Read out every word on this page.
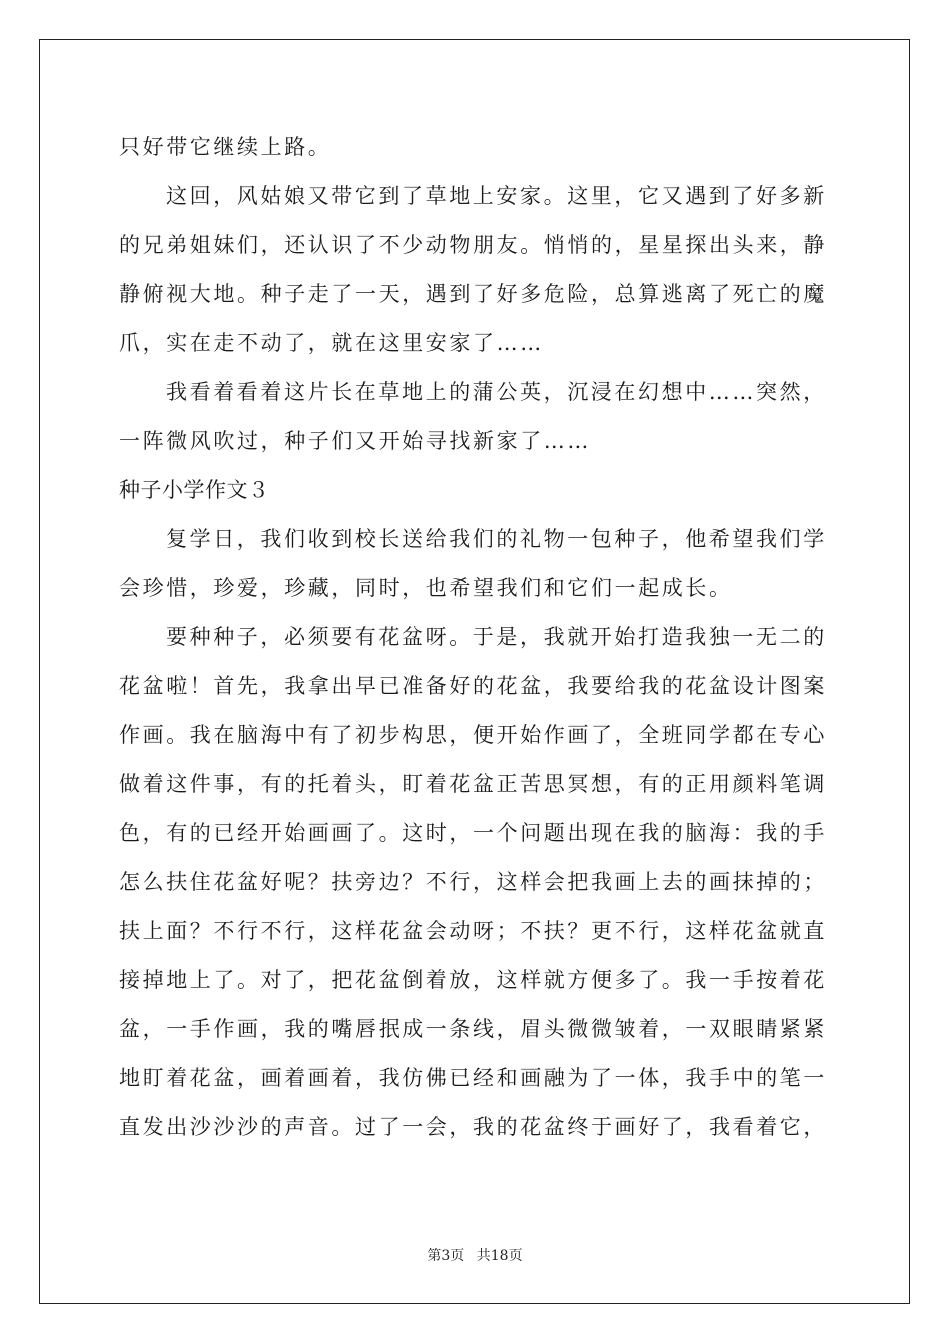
只好带它继续上路。
这回，风姑娘又带它到了草地上安家。这里，它又遇到了好多新
的兄弟姐妹们，还认识了不少动物朋友。悄悄的，星星探出头来，静
静俯视大地。种子走了一天，遇到了好多危险，总算逃离了死亡的魔
爪，实在走不动了，就在这里安家了……
我看着看着这片长在草地上的蒲公英，沉浸在幻想中……突然，
一阵微风吹过，种子们又开始寻找新家了……
种子小学作文３
复学日，我们收到校长送给我们的礼物一包种子，他希望我们学
会珍惜，珍爱，珍藏，同时，也希望我们和它们一起成长。
要种种子，必须要有花盆呀。于是，我就开始打造我独一无二的
花盆啦！首先，我拿出早已准备好的花盆，我要给我的花盆设计图案
作画。我在脑海中有了初步构思，便开始作画了，全班同学都在专心
做着这件事，有的托着头，盯着花盆正苦思冥想，有的正用颜料笔调
色，有的已经开始画画了。这时，一个问题出现在我的脑海：我的手
怎么扶住花盆好呢？扶旁边？不行，这样会把我画上去的画抹掉的；
扶上面？不行不行，这样花盆会动呀；不扶？更不行，这样花盆就直
接掉地上了。对了，把花盆倒着放，这样就方便多了。我一手按着花
盆，一手作画，我的嘴唇抿成一条线，眉头微微皱着，一双眼睛紧紧
地盯着花盆，画着画着，我仿佛已经和画融为了一体，我手中的笔一
直发出沙沙沙的声音。过了一会，我的花盆终于画好了，我看着它，
第3页 共18页
